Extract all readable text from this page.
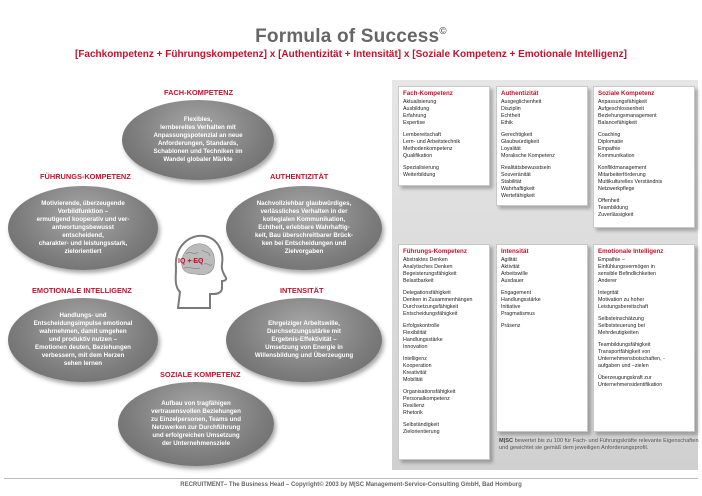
Formula of Success©
[Fachkompetenz + Führungskompetenz] x [Authentizität + Intensität] x [Soziale Kompetenz + Emotionale Intelligenz]
FACH-KOMPETENZ
Flexibles,
lernbereites Verhalten mit
Anpassungspotenzial an neue
Anforderungen, Standards,
Schablonen und Techniken im
Wandel globaler Märkte
FÜHRUNGS-KOMPETENZ
Motivierende, überzeugende
Vorbildfunktion –
ermutigend kooperativ und ver-
antwortungsbewusst
entscheidend,
charakter- und leistungsstark,
zielorientiert
AUTHENTIZITÄT
Nachvollziehbar glaubwürdiges,
verlässliches Verhalten in der
kollegialen Kommunikation,
Echtheit, erlebbare Wahrhaftig-
keit, Bau überschreitbarer Brück-
ken bei Entscheidungen und
Zielvorgaben
IQ + EQ
EMOTIONALE INTELLIGENZ
Handlungs- und
Entscheidungsimpulse emotional
wahrnehmen, damit umgehen
und produktiv nutzen –
Emotionen deuten, Beziehungen
verbessern, mit dem Herzen
sehen lernen
INTENSITÄT
Ehrgeiziger Arbeitswille,
Durchsetzungsstärke mit
Ergebnis-Effektivität –
Umsetzung von Energie in
Willensbildung und Überzeugung
SOZIALE KOMPETENZ
Aufbau von tragfähigen
vertrauensvollen Beziehungen
zu Einzelpersonen, Teams und
Netzwerken zur Durchführung
und erfolgreichen Umsetzung
der Unternehmensziele
Fach-Kompetenz
Aktualisierung
Ausbildung
Erfahrung
Expertise
Lernbereitschaft
Lern- und Arbeitstechnik
Methodenkompetenz
Qualifikation
Spezialisierung
Weiterbildung
Authentizität
Ausgeglichenheit
Disziplin
Echtheit
Ethik
Gerechtigkeit
Glaubwürdigkeit
Loyalität
Moralische Kompetenz
Realitätsbewusstsein
Souveränität
Stabilität
Wahrhaftigkeit
Wertefähigkeit
Soziale Kompetenz
Anpassungsfähigkeit
Aufgeschlossenheit
Beziehungsmanagement
Balancefähigkeit
Coaching
Diplomatie
Empathie
Kommunikation
Konfliktmanagement
Mitarbeiterförderung
Multikulturelles Verständnis
Netzwerkpflege
Offenheit
Teambildung
Zuverlässigkeit
Führungs-Kompetenz
Abstraktes Denken
Analytisches Denken
Begeisterungsfähigkeit
Belastbarkeit
Delegationsfähigkeit
Denken in Zusammenhängen
Durchsetzungsfähigkeit
Entscheidungsfähigkeit
Erfolgskontrolle
Flexibilität
Handlungsstärke
Innovation
Intelligenz
Kooperation
Kreativität
Mobilität
Organisationsfähigkeit
Personalkompetenz
Resilienz
Rhetorik
Selbständigkeit
Zielorientierung
Intensität
Agilität
Aktivität
Arbeitswille
Ausdauer
Engagement
Handlungsstärke
Initiative
Pragmatismus
Präsenz
Emotionale Intelligenz
Empathie –
Einfühlungsvermögen in
sensible Befindlichkeiten
Anderer
Integrität
Motivation zu hoher
Leistungsbereitschaft
Selbsteinschätzung
Selbststeuerung bei
Mehrdeutigkeiten
Teambildungsfähigkeit
Transportfähigkeit von
Unternehmensbotschaften, -
aufgaben und –zielen
Überzeugungskraft zur
Unternehmensidentifikation
M|SC bewertet bis zu 100 für Fach- und Führungskräfte relevante Eigenschaften und gewichtet sie gemäß dem jeweiligen Anforderungsprofil.
RECRUITMENT– The Business Head – Copyright© 2003 by M|SC Management-Service-Consulting GmbH, Bad Homburg
